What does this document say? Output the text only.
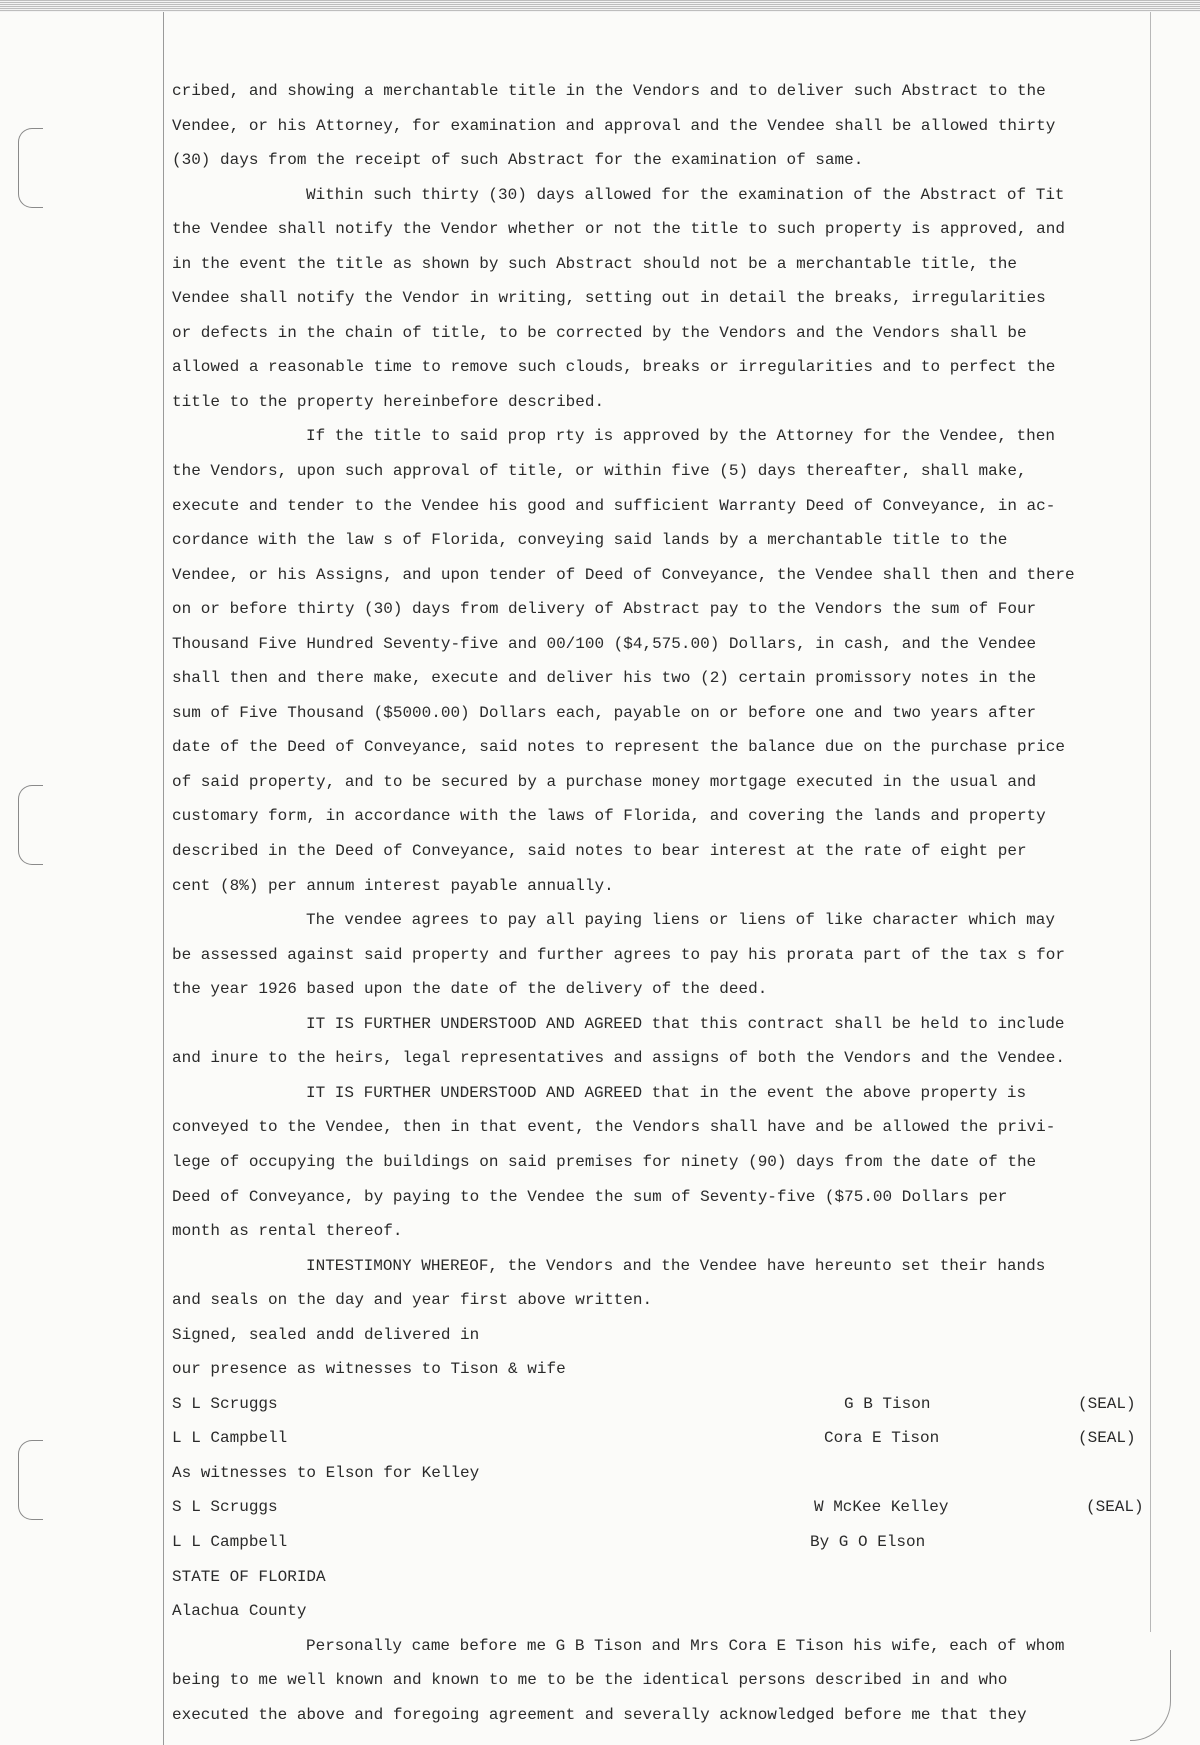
cribed, and showing a merchantable title in the Vendors and to deliver such Abstract to the
Vendee, or his Attorney, for examination and approval and the Vendee shall be allowed thirty
(30) days from the receipt of such Abstract for the examination of same.
Within such thirty (30) days allowed for the examination of the Abstract of Tit
the Vendee shall notify the Vendor whether or not the title to such property is approved, and
in the event the title as shown by such Abstract should not be a merchantable title, the
Vendee shall notify the Vendor in writing, setting out in detail the breaks, irregularities
or defects in the chain of title, to be corrected by the Vendors and the Vendors shall be
allowed a reasonable time to remove such clouds, breaks or irregularities and to perfect the
title to the property hereinbefore described.
If the title to said prop rty is approved by the Attorney for the Vendee, then
the Vendors, upon such approval of title, or within five (5) days thereafter, shall make,
execute and tender to the Vendee his good and sufficient Warranty Deed of Conveyance, in ac-
cordance with the law s of Florida, conveying said lands by a merchantable title to the
Vendee, or his Assigns, and upon tender of Deed of Conveyance, the Vendee shall then and there
on or before thirty (30) days from delivery of Abstract pay to the Vendors the sum of Four
Thousand Five Hundred Seventy-five and 00/100 ($4,575.00) Dollars, in cash, and the Vendee
shall then and there make, execute and deliver his two (2) certain promissory notes in the
sum of Five Thousand ($5000.00) Dollars each, payable on or before one and two years after
date of the Deed of Conveyance, said notes to represent the balance due on the purchase price
of said property, and to be secured by a purchase money mortgage executed in the usual and
customary form, in accordance with the laws of Florida, and covering the lands and property
described in the Deed of Conveyance, said notes to bear interest at the rate of eight per
cent (8%) per annum interest payable annually.
The vendee agrees to pay all paying liens or liens of like character which may
be assessed against said property and further agrees to pay his prorata part of the tax s for
the year 1926 based upon the date of the delivery of the deed.
IT IS FURTHER UNDERSTOOD AND AGREED that this contract shall be held to include
and inure to the heirs, legal representatives and assigns of both the Vendors and the Vendee.
IT IS FURTHER UNDERSTOOD AND AGREED that in the event the above property is
conveyed to the Vendee, then in that event, the Vendors shall have and be allowed the privi-
lege of occupying the buildings on said premises for ninety (90) days from the date of the
Deed of Conveyance, by paying to the Vendee the sum of Seventy-five ($75.00 Dollars per
month as rental thereof.
INTESTIMONY WHEREOF, the Vendors and the Vendee have hereunto set their hands
and seals on the day and year first above written.
Signed, sealed andd delivered in
our presence as witnesses to Tison & wife
S L Scruggs	G B Tison	(SEAL)
L L Campbell	Cora E Tison	(SEAL)
As witnesses to Elson for Kelley
S L Scruggs	W McKee Kelley	(SEAL)
L L Campbell	By G O Elson
STATE OF FLORIDA
Alachua County
Personally came before me G B Tison and Mrs Cora E Tison his wife, each of whom
being to me well known and known to me to be the identical persons described in and who
executed the above and foregoing agreement and severally acknowledged before me that they
